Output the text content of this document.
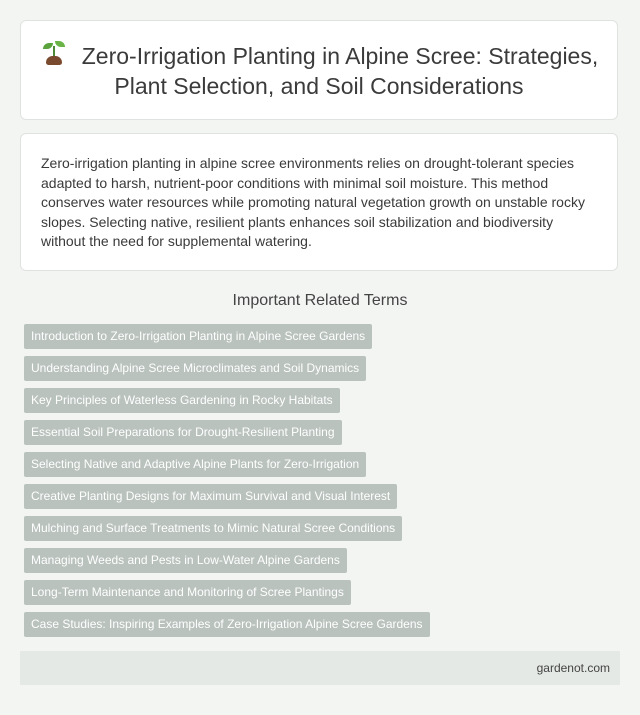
Zero-Irrigation Planting in Alpine Scree: Strategies, Plant Selection, and Soil Considerations

Zero-irrigation planting in alpine scree environments relies on drought-tolerant species adapted to harsh, nutrient-poor conditions with minimal soil moisture. This method conserves water resources while promoting natural vegetation growth on unstable rocky slopes. Selecting native, resilient plants enhances soil stabilization and biodiversity without the need for supplemental watering.

Important Related Terms
Introduction to Zero-Irrigation Planting in Alpine Scree Gardens
Understanding Alpine Scree Microclimates and Soil Dynamics
Key Principles of Waterless Gardening in Rocky Habitats
Essential Soil Preparations for Drought-Resilient Planting
Selecting Native and Adaptive Alpine Plants for Zero-Irrigation
Creative Planting Designs for Maximum Survival and Visual Interest
Mulching and Surface Treatments to Mimic Natural Scree Conditions
Managing Weeds and Pests in Low-Water Alpine Gardens
Long-Term Maintenance and Monitoring of Scree Plantings
Case Studies: Inspiring Examples of Zero-Irrigation Alpine Scree Gardens
gardenot.com
